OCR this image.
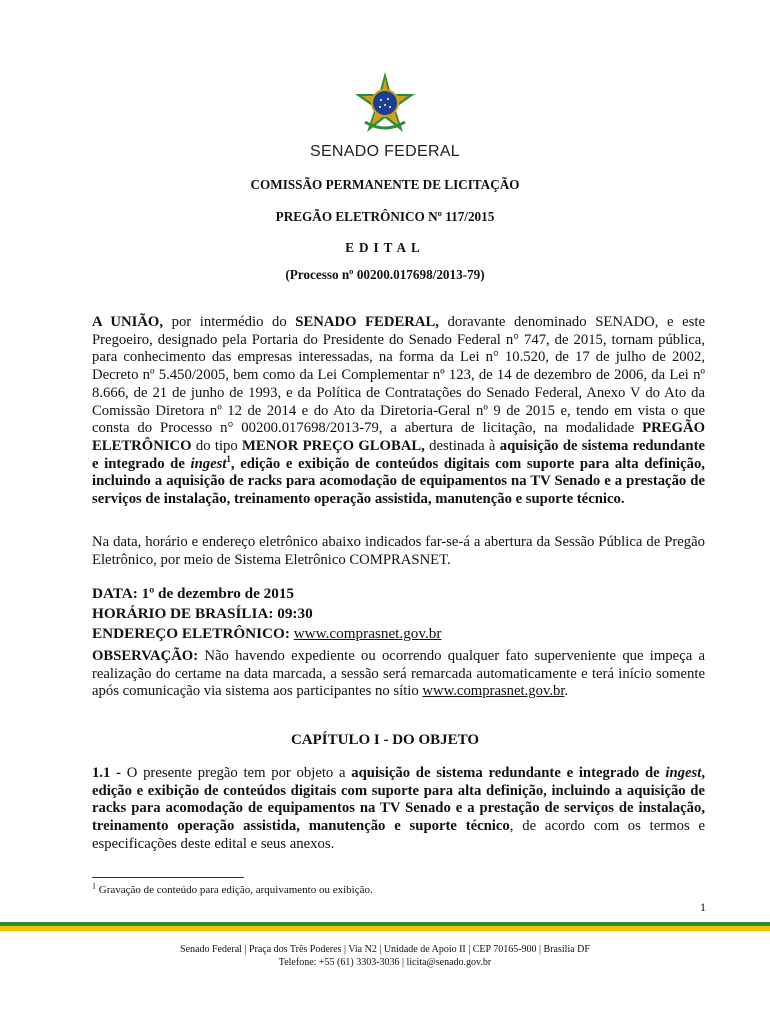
SENADO FEDERAL
COMISSÃO PERMANENTE DE LICITAÇÃO
PREGÃO ELETRÔNICO Nº 117/2015
EDITAL
(Processo nº 00200.017698/2013-79)

A UNIÃO, por intermédio do SENADO FEDERAL, doravante denominado SENADO, e este Pregoeiro, designado pela Portaria do Presidente do Senado Federal n° 747, de 2015, tornam pública, para conhecimento das empresas interessadas, na forma da Lei n° 10.520, de 17 de julho de 2002, Decreto nº 5.450/2005, bem como da Lei Complementar nº 123, de 14 de dezembro de 2006, da Lei nº 8.666, de 21 de junho de 1993, e da Política de Contratações do Senado Federal, Anexo V do Ato da Comissão Diretora nº 12 de 2014 e do Ato da Diretoria-Geral nº 9 de 2015 e, tendo em vista o que consta do Processo n° 00200.017698/2013-79, a abertura de licitação, na modalidade PREGÃO ELETRÔNICO do tipo MENOR PREÇO GLOBAL, destinada à aquisição de sistema redundante e integrado de ingest$^1$, edição e exibição de conteúdos digitais com suporte para alta definição, incluindo a aquisição de racks para acomodação de equipamentos na TV Senado e a prestação de serviços de instalação, treinamento operação assistida, manutenção e suporte técnico.

Na data, horário e endereço eletrônico abaixo indicados far-se-á a abertura da Sessão Pública de Pregão Eletrônico, por meio de Sistema Eletrônico COMPRASNET.

DATA: 1º de dezembro de 2015

HORÁRIO DE BRASÍLIA: 09:30

ENDEREÇO ELETRÔNICO: www.comprasnet.gov.br

OBSERVAÇÃO: Não havendo expediente ou ocorrendo qualquer fato superveniente que impeça a realização do certame na data marcada, a sessão será remarcada automaticamente e terá início somente após comunicação via sistema aos participantes no sítio www.comprasnet.gov.br.

CAPÍTULO I - DO OBJETO

1.1 - O presente pregão tem por objeto a aquisição de sistema redundante e integrado de ingest, edição e exibição de conteúdos digitais com suporte para alta definição, incluindo a aquisição de racks para acomodação de equipamentos na TV Senado e a prestação de serviços de instalação, treinamento operação assistida, manutenção e suporte técnico, de acordo com os termos e especificações deste edital e seus anexos.

$^1$ Gravação de conteúdo para edição, arquivamento ou exibição.
1
Senado Federal | Praça dos Três Poderes | Via N2 | Unidade de Apoio II | CEP 70165-900 | Brasília DF
Telefone: +55 (61) 3303-3036 | licita@senado.gov.br
